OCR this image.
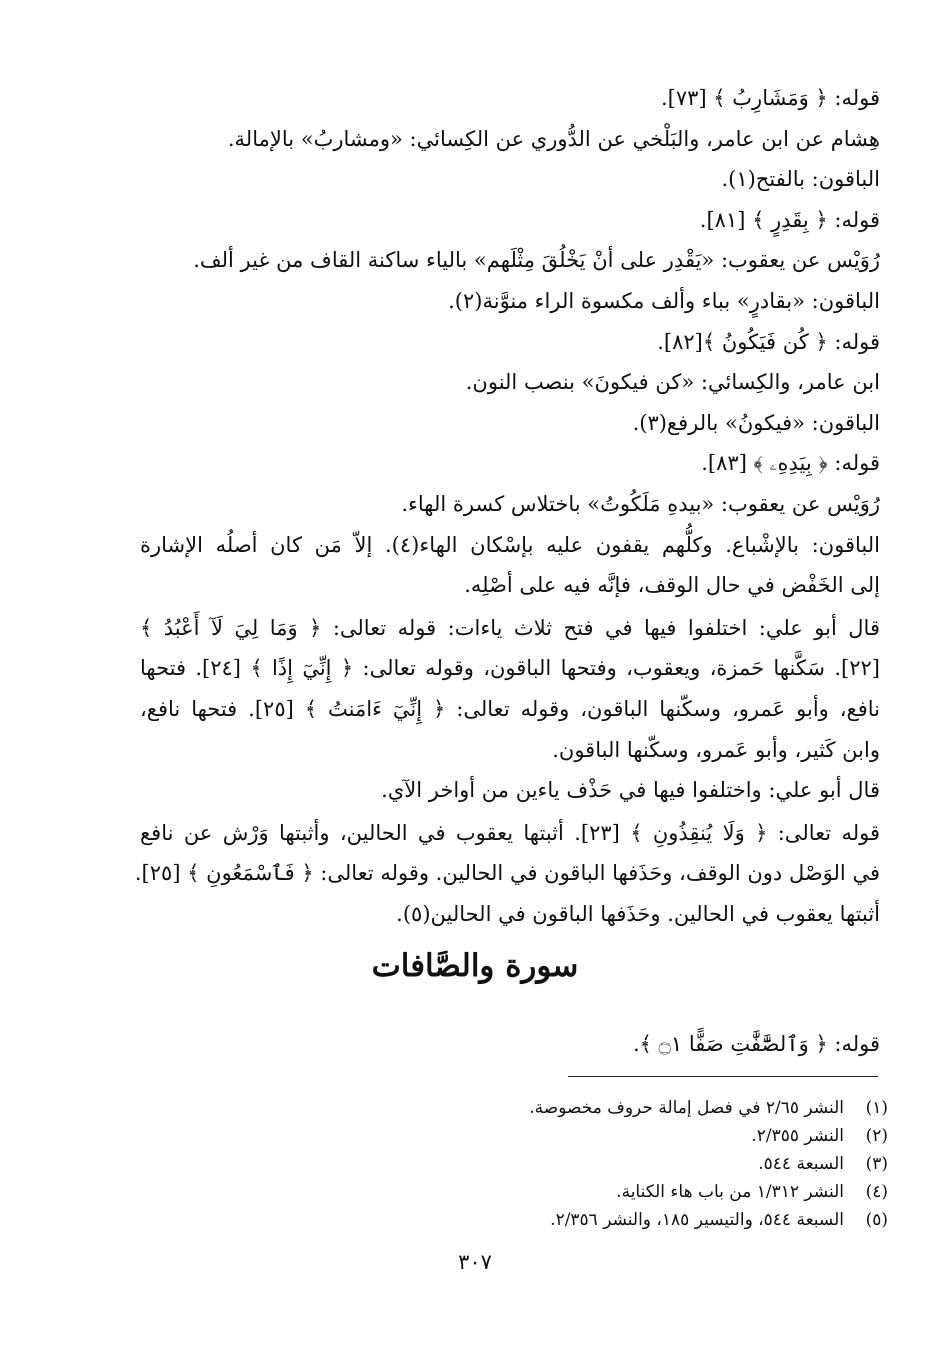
قوله: ﴿ وَمَشَارِبُ ﴾ [٧٣].
هِشام عن ابن عامر، والبَلْخي عن الدُّوري عن الكِسائي: «ومشاربُ» بالإمالة.
الباقون: بالفتح(١).
قوله: ﴿ بِقَدِرٍ ﴾ [٨١].
رُوَيْس عن يعقوب: «يَقْدِر على أنْ يَخْلُقَ مِثْلَهم» بالياء ساكنة القاف من غير ألف.
الباقون: «بقادرٍ» بباء وألف مكسوة الراء منوَّنة(٢).
قوله: ﴿ كُن فَيَكُونُ ﴾[٨٢].
ابن عامر، والكِسائي: «كن فيكونَ» بنصب النون.
الباقون: «فيكونُ» بالرفع(٣).
قوله: ﴿ بِيَدِهِۦ ﴾ [٨٣].
رُوَيْس عن يعقوب: «بيدهِ مَلَكُوتُ» باختلاس كسرة الهاء.
الباقون: بالإشْباع. وكلُّهم يقفون عليه بإسْكان الهاء(٤). إلاّ مَن كان أصلُه الإشارة
إلى الخَفْض في حال الوقف، فإنَّه فيه على أصْلِه.
قال أبو علي: اختلفوا فيها في فتح ثلاث ياءات: قوله تعالى: ﴿ وَمَا لِيَ لَآ أَعْبُدُ ﴾
[٢٢]. سَكَّنها حَمزة، ويعقوب، وفتحها الباقون، وقوله تعالى: ﴿ إِنِّيٓ إِذًا ﴾ [٢٤]. فتحها
نافع، وأبو عَمرو، وسكّنها الباقون، وقوله تعالى: ﴿ إِنِّيٓ ءَامَنتُ ﴾ [٢٥]. فتحها نافع،
وابن كَثير، وأبو عَمرو، وسكّنها الباقون.
قال أبو علي: واختلفوا فيها في حَذْف ياءين من أواخر الآي.
قوله تعالى: ﴿ وَلَا يُنقِذُونِ ﴾ [٢٣]. أثبتها يعقوب في الحالين، وأثبتها وَرْش عن نافع
في الوَصْل دون الوقف، وحَذَفها الباقون في الحالين. وقوله تعالى: ﴿ فَٱسْمَعُونِ ﴾ [٢٥].
أثبتها يعقوب في الحالين. وحَذَفها الباقون في الحالين(٥).
سورة والصَّافات
قوله: ﴿ وَٱلصَّٰٓفَّٰتِ صَفًّا ۝١ ﴾.
(١)النشر ٢/٦٥ في فصل إمالة حروف مخصوصة.
(٢)النشر ٢/٣٥٥.
(٣)السبعة ٥٤٤.
(٤)النشر ١/٣١٢ من باب هاء الكناية.
(٥)السبعة ٥٤٤، والتيسير ١٨٥، والنشر ٢/٣٥٦.
٣٠٧
